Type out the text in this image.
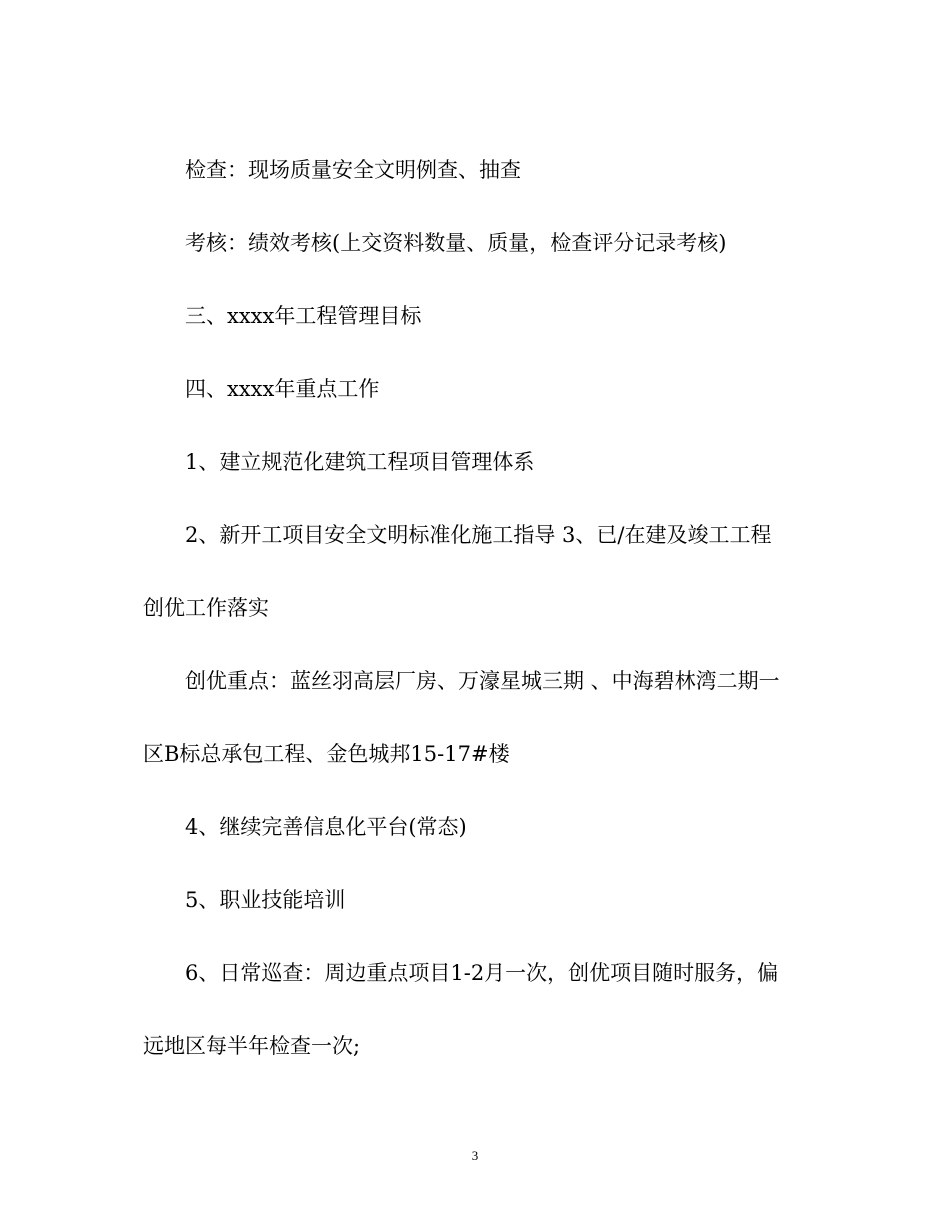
检查：现场质量安全文明例查、抽查

考核：绩效考核(上交资料数量、质量，检查评分记录考核)

三、xxxx年工程管理目标

四、xxxx年重点工作

1、建立规范化建筑工程项目管理体系

2、新开工项目安全文明标准化施工指导 3、已/在建及竣工工程

创优工作落实

创优重点：蓝丝羽高层厂房、万濠星城三期 、中海碧林湾二期一

区B标总承包工程、金色城邦15-17#楼

4、继续完善信息化平台(常态)

5、职业技能培训

6、日常巡查：周边重点项目1-2月一次，创优项目随时服务，偏

远地区每半年检查一次;

3
